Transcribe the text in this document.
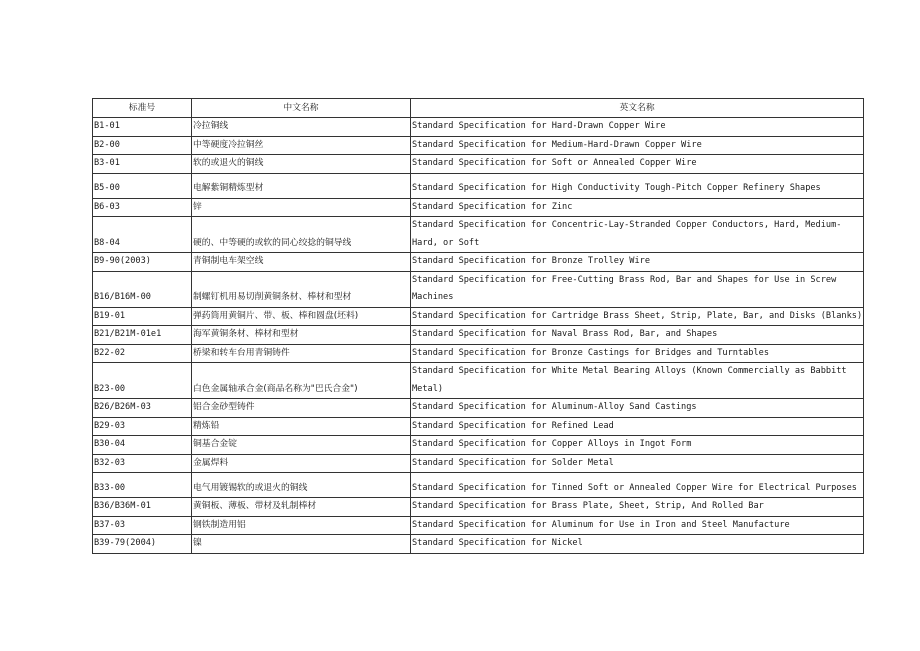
标准号	中文名称	英文名称
B1-01	冷拉铜线	Standard Specification for Hard-Drawn Copper Wire
B2-00	中等硬度冷拉铜丝	Standard Specification for Medium-Hard-Drawn Copper Wire
B3-01	软的或退火的铜线	Standard Specification for Soft or Annealed Copper Wire
B5-00	电解紫铜精炼型材	Standard Specification for High Conductivity Tough-Pitch Copper Refinery Shapes
B6-03	锌	Standard Specification for Zinc
B8-04	硬的、中等硬的或软的同心绞捻的铜导线	Standard Specification for Concentric-Lay-Stranded Copper Conductors, Hard, Medium-Hard, or Soft
B9-90(2003)	青铜制电车架空线	Standard Specification for Bronze Trolley Wire
B16/B16M-00	制螺钉机用易切削黄铜条材、棒材和型材	Standard Specification for Free-Cutting Brass Rod, Bar and Shapes for Use in Screw Machines
B19-01	弹药筒用黄铜片、带、板、棒和圆盘(坯料)	Standard Specification for Cartridge Brass Sheet, Strip, Plate, Bar, and Disks (Blanks)
B21/B21M-01e1	海军黄铜条材、棒材和型材	Standard Specification for Naval Brass Rod, Bar, and Shapes
B22-02	桥梁和转车台用青铜铸件	Standard Specification for Bronze Castings for Bridges and Turntables
B23-00	白色金属轴承合金(商品名称为"巴氏合金")	Standard Specification for White Metal Bearing Alloys (Known Commercially as Babbitt Metal)
B26/B26M-03	铝合金砂型铸件	Standard Specification for Aluminum-Alloy Sand Castings
B29-03	精炼铅	Standard Specification for Refined Lead
B30-04	铜基合金锭	Standard Specification for Copper Alloys in Ingot Form
B32-03	金属焊料	Standard Specification for Solder Metal
B33-00	电气用镀锡软的或退火的铜线	Standard Specification for Tinned Soft or Annealed Copper Wire for Electrical Purposes
B36/B36M-01	黄铜板、薄板、带材及轧制棒材	Standard Specification for Brass Plate, Sheet, Strip, And Rolled Bar
B37-03	钢铁制造用铝	Standard Specification for Aluminum for Use in Iron and Steel Manufacture
B39-79(2004)	镍	Standard Specification for Nickel
